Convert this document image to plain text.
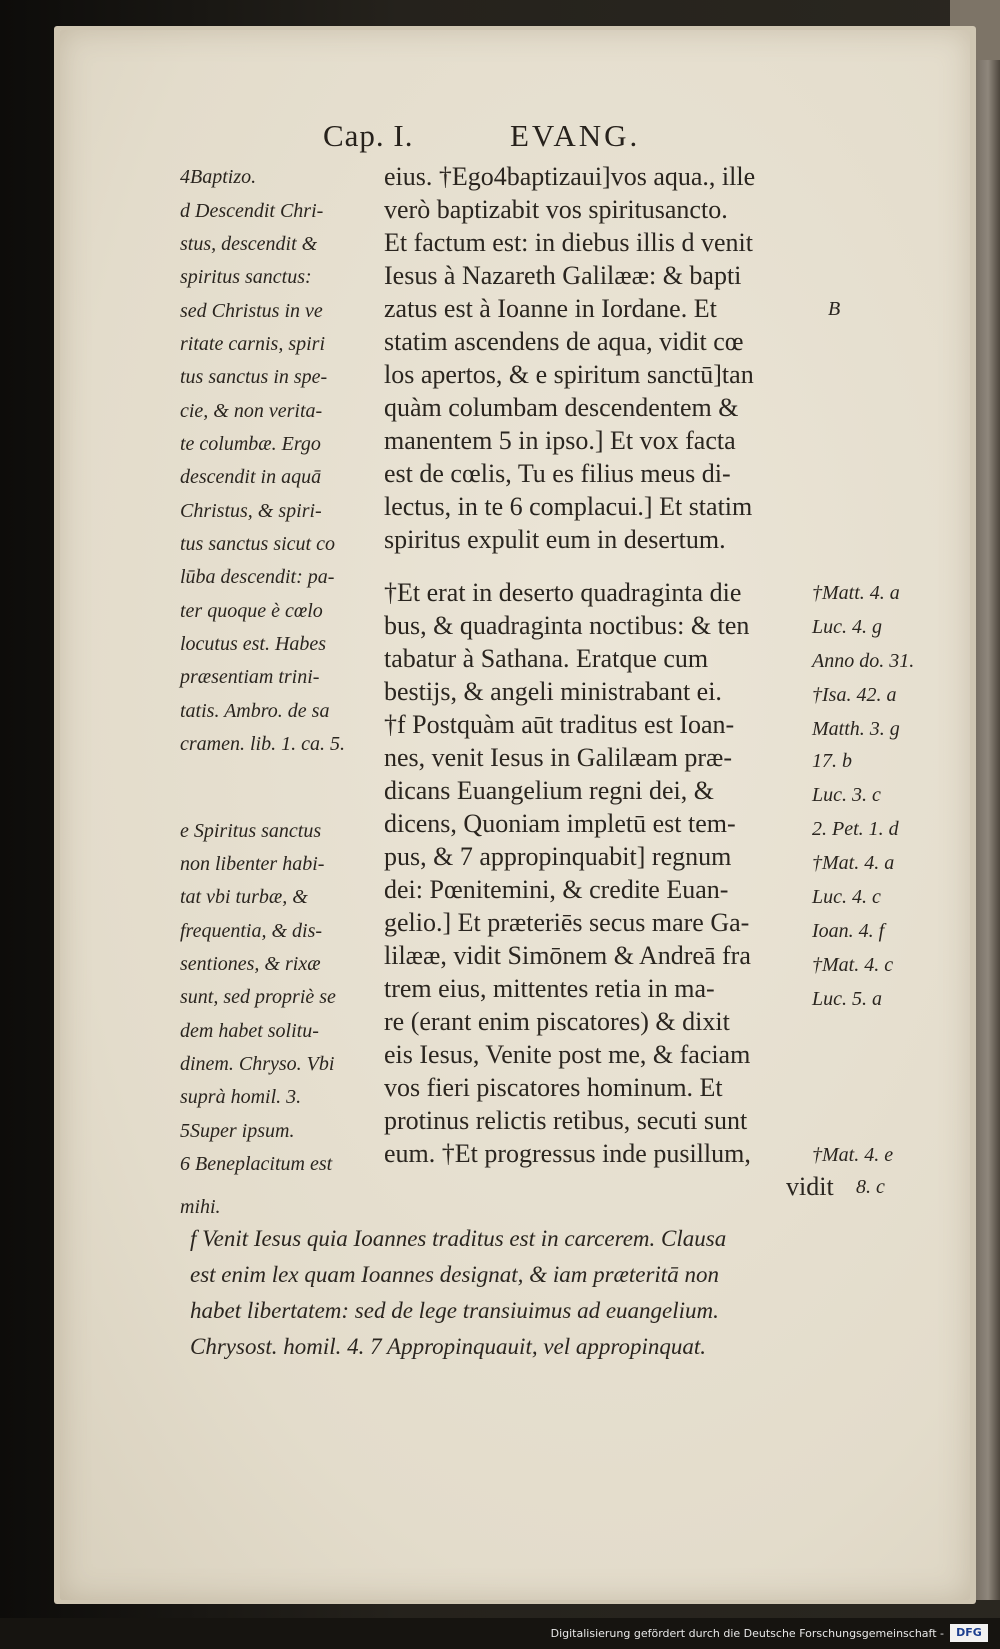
Cap. I.	EVANG.
4Baptizo.
d Descendit Chri-
stus, descendit &
spiritus sanctus:
sed Christus in ve
ritate carnis, spiri
tus sanctus in spe-
cie, & non verita-
te columbæ. Ergo
descendit in aquā
Christus, & spiri-
tus sanctus sicut co
lūba descendit: pa-
ter quoque è cœlo
locutus est. Habes
præsentiam trini-
tatis. Ambro. de sa
cramen. lib. 1. ca. 5.
e Spiritus sanctus
non libenter habi-
tat vbi turbæ, &
frequentia, & dis-
sentiones, & rixæ
sunt, sed propriè se
dem habet solitu-
dinem. Chryso. Vbi
suprà homil. 3.
5Super ipsum.
6 Beneplacitum est
mihi.
eius. †Ego4baptizaui]vos aqua., ille
verò baptizabit vos spiritusancto.
Et factum est: in diebus illis d venit
Iesus à Nazareth Galilææ: & bapti
zatus est à Ioanne in Iordane. Et
statim ascendens de aqua, vidit cœ
los apertos, & e spiritum sanctū]tan
quàm columbam descendentem &
manentem 5 in ipso.] Et vox facta
est de cœlis, Tu es filius meus di-
lectus, in te 6 complacui.] Et statim
spiritus expulit eum in desertum.
†Et erat in deserto quadraginta die
bus, & quadraginta noctibus: & ten
tabatur à Sathana. Eratque cum
bestijs, & angeli ministrabant ei.
†f Postquàm aūt traditus est Ioan-
nes, venit Iesus in Galilæam præ-
dicans Euangelium regni dei, &
dicens, Quoniam impletū est tem-
pus, & 7 appropinquabit] regnum
dei: Pœnitemini, & credite Euan-
gelio.] Et præteriēs secus mare Ga-
lilææ, vidit Simōnem & Andreā fra
trem eius, mittentes retia in ma-
re (erant enim piscatores) & dixit
eis Iesus, Venite post me, & faciam
vos fieri piscatores hominum. Et
protinus relictis retibus, secuti sunt
eum. †Et progressus inde pusillum,
vidit
B
†Matt. 4. a
Luc. 4. g
Anno do. 31.
†Isa. 42. a
Matth. 3. g
17. b
Luc. 3. c
2. Pet. 1. d
†Mat. 4. a
Luc. 4. c
Ioan. 4. f
†Mat. 4. c
Luc. 5. a
†Mat. 4. e
8. c
f Venit Iesus quia Ioannes traditus est in carcerem. Clausa
est enim lex quam Ioannes designat, & iam præteritā non
habet libertatem: sed de lege transiuimus ad euangelium.
Chrysost. homil. 4. 7 Appropinquauit, vel appropinquat.
Digitalisierung gefördert durch die Deutsche Forschungsgemeinschaft -	DFG
